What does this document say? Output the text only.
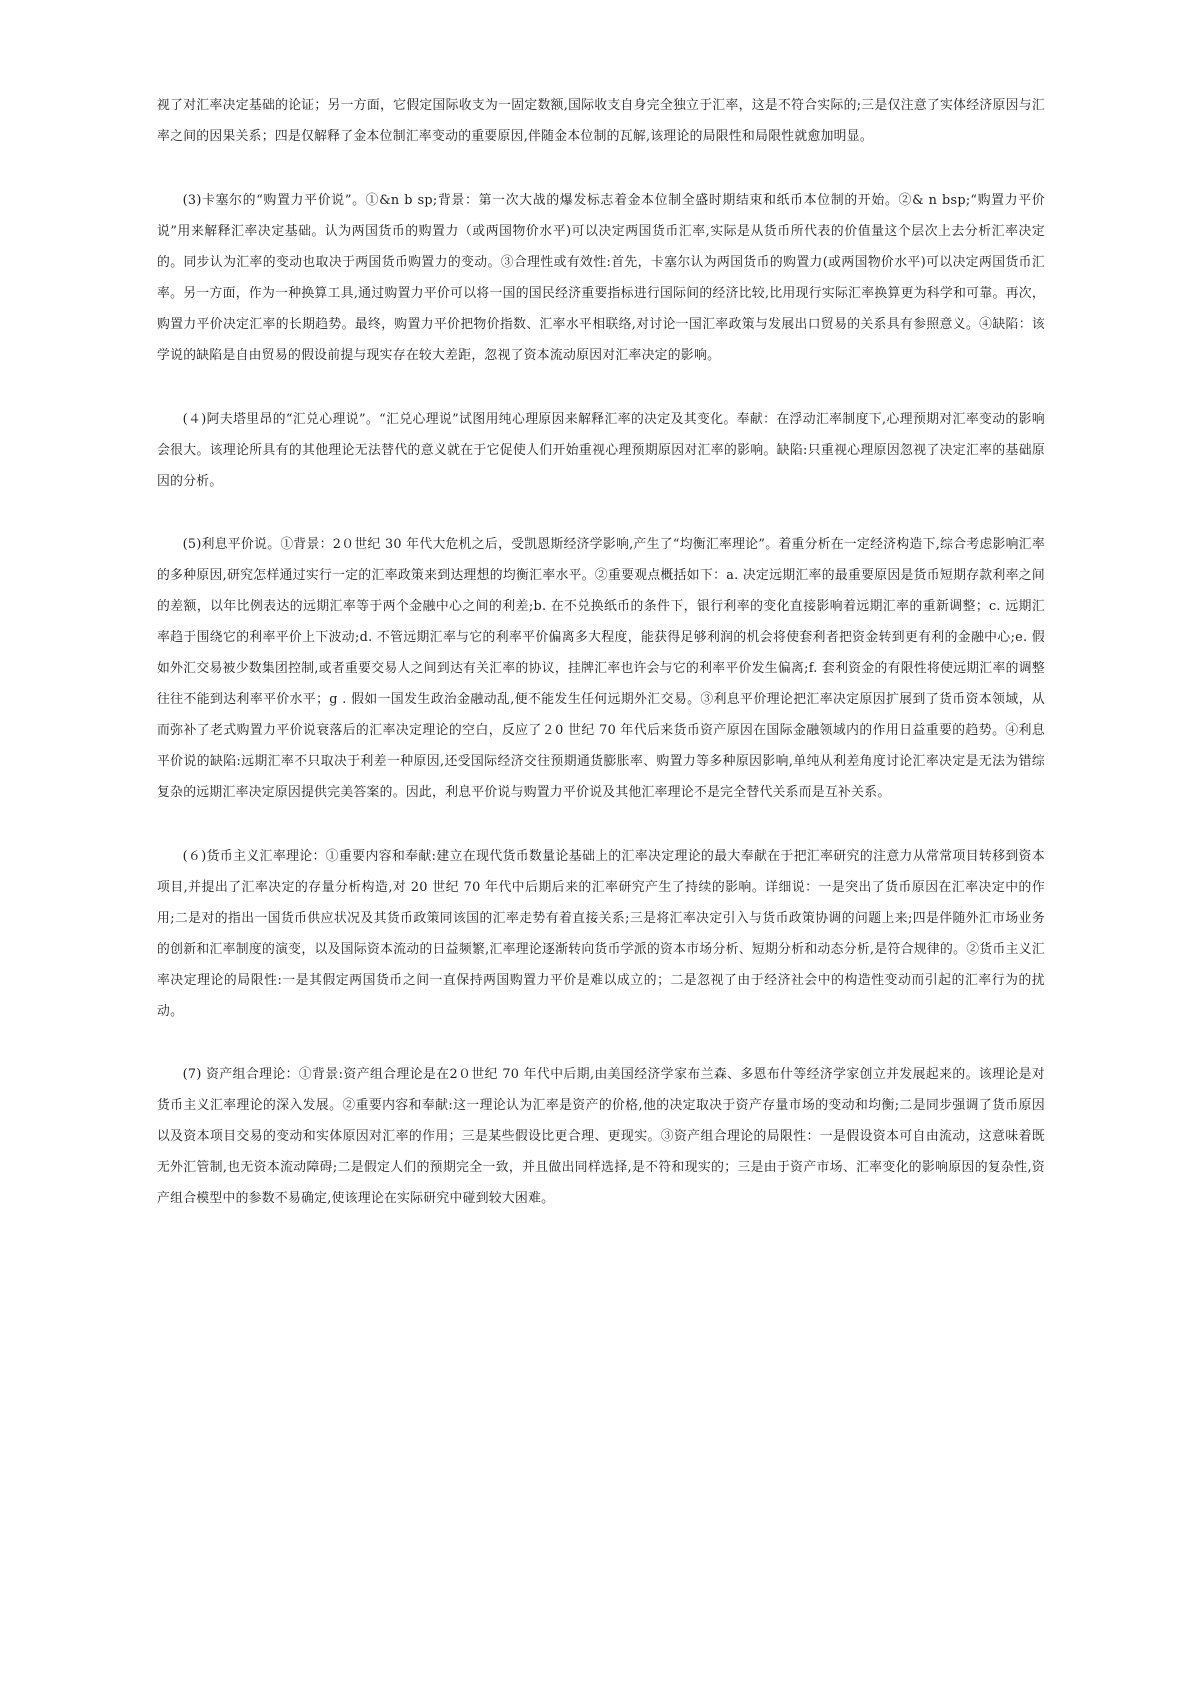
视了对汇率决定基础的论证；另一方面，它假定国际收支为一固定数额,国际收支自身完全独立于汇率，这是不符合实际的;三是仅注意了实体经济原因与汇率之间的因果关系；四是仅解释了金本位制汇率变动的重要原因,伴随金本位制的瓦解,该理论的局限性和局限性就愈加明显。

(3)卡塞尔的“购置力平价说”。①&n b sp;背景：第一次大战的爆发标志着金本位制全盛时期结束和纸币本位制的开始。②& n bsp;“购置力平价说”用来解释汇率决定基础。认为两国货币的购置力（或两国物价水平)可以决定两国货币汇率,实际是从货币所代表的价值量这个层次上去分析汇率决定的。同步认为汇率的变动也取决于两国货币购置力的变动。③合理性或有效性:首先，卡塞尔认为两国货币的购置力(或两国物价水平)可以决定两国货币汇率。另一方面，作为一种换算工具,通过购置力平价可以将一国的国民经济重要指标进行国际间的经济比较,比用现行实际汇率换算更为科学和可靠。再次，购置力平价决定汇率的长期趋势。最终，购置力平价把物价指数、汇率水平相联络,对讨论一国汇率政策与发展出口贸易的关系具有参照意义。④缺陷：该学说的缺陷是自由贸易的假设前提与现实存在较大差距，忽视了资本流动原因对汇率决定的影响。

(４)阿夫塔里昂的“汇兑心理说”。“汇兑心理说”试图用纯心理原因来解释汇率的决定及其变化。奉献：在浮动汇率制度下,心理预期对汇率变动的影响会很大。该理论所具有的其他理论无法替代的意义就在于它促使人们开始重视心理预期原因对汇率的影响。缺陷:只重视心理原因忽视了决定汇率的基础原因的分析。

(5)利息平价说。①背景：2０世纪 30 年代大危机之后，受凯恩斯经济学影响,产生了“均衡汇率理论”。着重分析在一定经济构造下,综合考虑影响汇率的多种原因,研究怎样通过实行一定的汇率政策来到达理想的均衡汇率水平。②重要观点概括如下：a. 决定远期汇率的最重要原因是货币短期存款利率之间的差额，以年比例表达的远期汇率等于两个金融中心之间的利差;b. 在不兑换纸币的条件下，银行利率的变化直接影响着远期汇率的重新调整；c. 远期汇率趋于围绕它的利率平价上下波动;d. 不管远期汇率与它的利率平价偏离多大程度，能获得足够利润的机会将使套利者把资金转到更有利的金融中心;e. 假如外汇交易被少数集团控制,或者重要交易人之间到达有关汇率的协议，挂牌汇率也许会与它的利率平价发生偏离;f. 套利资金的有限性将使远期汇率的调整往往不能到达利率平价水平；g . 假如一国发生政治金融动乱,便不能发生任何远期外汇交易。③利息平价理论把汇率决定原因扩展到了货币资本领域，从而弥补了老式购置力平价说衰落后的汇率决定理论的空白，反应了２0 世纪 70 年代后来货币资产原因在国际金融领域内的作用日益重要的趋势。④利息平价说的缺陷:远期汇率不只取决于利差一种原因,还受国际经济交往预期通货膨胀率、购置力等多种原因影响,单纯从利差角度讨论汇率决定是无法为错综复杂的远期汇率决定原因提供完美答案的。因此，利息平价说与购置力平价说及其他汇率理论不是完全替代关系而是互补关系。

(６)货币主义汇率理论：①重要内容和奉献:建立在现代货币数量论基础上的汇率决定理论的最大奉献在于把汇率研究的注意力从常常项目转移到资本项目,并提出了汇率决定的存量分析构造,对 20 世纪 70 年代中后期后来的汇率研究产生了持续的影响。详细说：一是突出了货币原因在汇率决定中的作用;二是对的指出一国货币供应状况及其货币政策同该国的汇率走势有着直接关系;三是将汇率决定引入与货币政策协调的问题上来;四是伴随外汇市场业务的创新和汇率制度的演变，以及国际资本流动的日益频繁,汇率理论逐渐转向货币学派的资本市场分析、短期分析和动态分析,是符合规律的。②货币主义汇率决定理论的局限性:一是其假定两国货币之间一直保持两国购置力平价是难以成立的；二是忽视了由于经济社会中的构造性变动而引起的汇率行为的扰动。

(7) 资产组合理论：①背景:资产组合理论是在2０世纪 70 年代中后期,由美国经济学家布兰森、多恩布什等经济学家创立并发展起来的。该理论是对货币主义汇率理论的深入发展。②重要内容和奉献:这一理论认为汇率是资产的价格,他的决定取决于资产存量市场的变动和均衡;二是同步强调了货币原因以及资本项目交易的变动和实体原因对汇率的作用；三是某些假设比更合理、更现实。③资产组合理论的局限性：一是假设资本可自由流动，这意味着既无外汇管制,也无资本流动障碍;二是假定人们的预期完全一致，并且做出同样选择,是不符和现实的；三是由于资产市场、汇率变化的影响原因的复杂性,资产组合模型中的参数不易确定,使该理论在实际研究中碰到较大困难。
